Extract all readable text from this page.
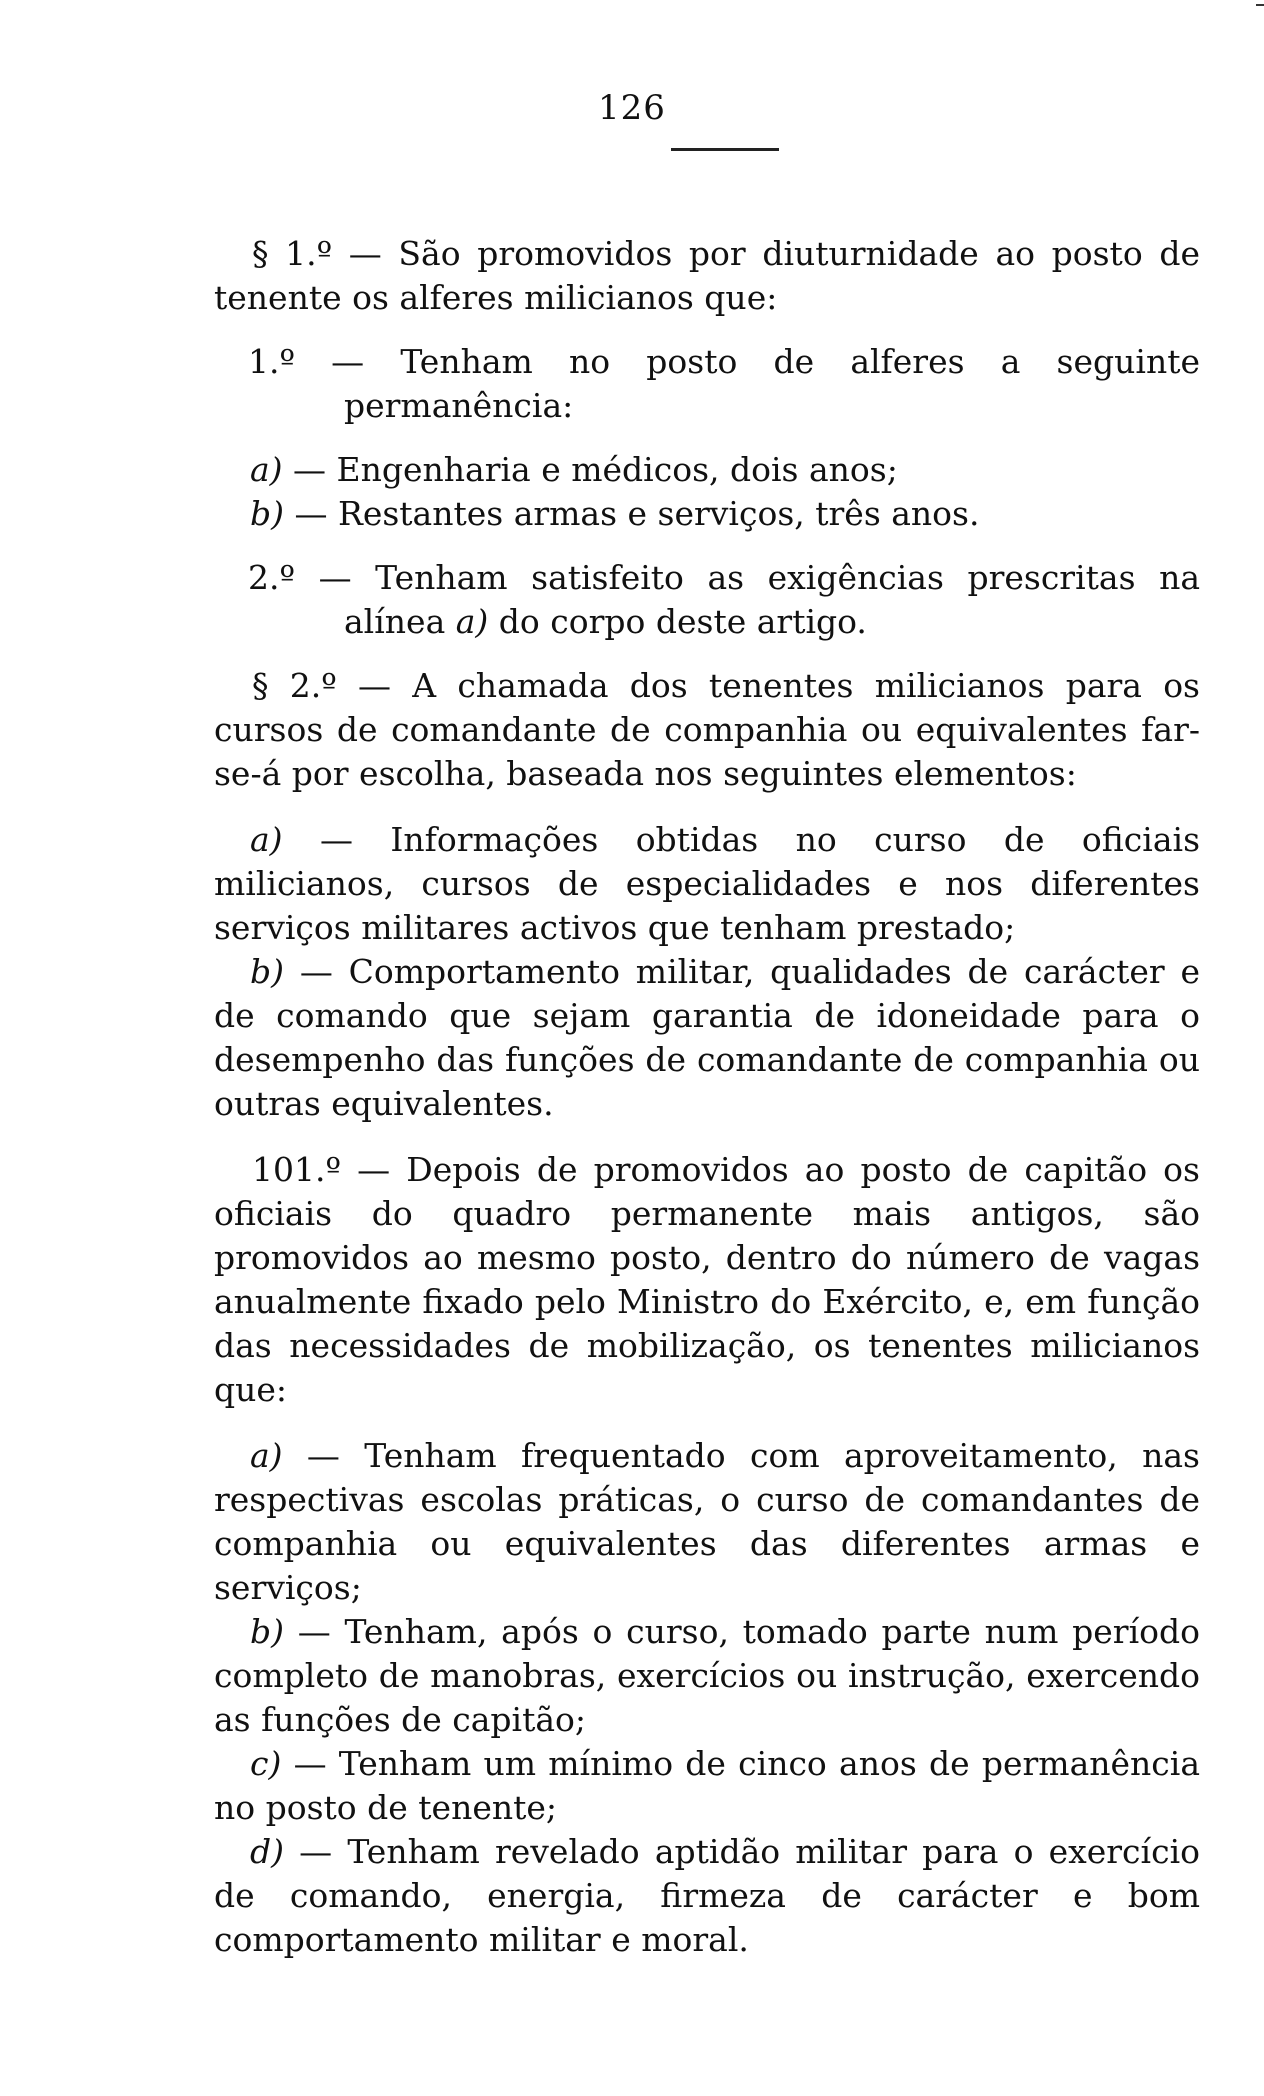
126

§ 1.º — São promovidos por diuturnidade ao posto de tenente os alferes milicianos que:

1.º — Tenham no posto de alferes a seguinte permanência:

a) — Engenharia e médicos, dois anos;

b) — Restantes armas e serviços, três anos.

2.º — Tenham satisfeito as exigências prescritas na alínea a) do corpo deste artigo.

§ 2.º — A chamada dos tenentes milicianos para os cursos de comandante de companhia ou equivalentes far-se-á por escolha, baseada nos seguintes elementos:

a) — Informações obtidas no curso de oficiais milicianos, cursos de especialidades e nos diferentes serviços militares activos que tenham prestado;

b) — Comportamento militar, qualidades de carácter e de comando que sejam garantia de idoneidade para o desempenho das funções de comandante de companhia ou outras equivalentes.

101.º — Depois de promovidos ao posto de capitão os oficiais do quadro permanente mais antigos, são promovidos ao mesmo posto, dentro do número de vagas anualmente fixado pelo Ministro do Exército, e, em função das necessidades de mobilização, os tenentes milicianos que:

a) — Tenham frequentado com aproveitamento, nas respectivas escolas práticas, o curso de comandantes de companhia ou equivalentes das diferentes armas e serviços;

b) — Tenham, após o curso, tomado parte num período completo de manobras, exercícios ou instrução, exercendo as funções de capitão;

c) — Tenham um mínimo de cinco anos de permanência no posto de tenente;

d) — Tenham revelado aptidão militar para o exercício de comando, energia, firmeza de carácter e bom comportamento militar e moral.
